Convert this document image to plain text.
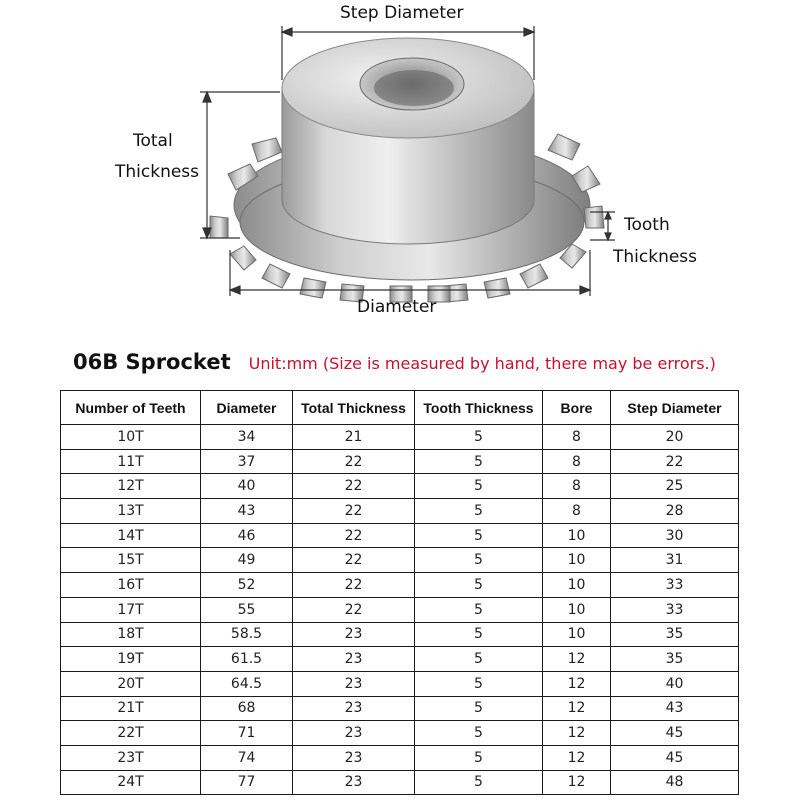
Step Diameter
Total
Thickness
Tooth
Thickness
Diameter
06B Sprocket Unit:mm (Size is measured by hand, there may be errors.)
Number of Teeth	Diameter	Total Thickness	Tooth Thickness	Bore	Step Diameter
10T	34	21	5	8	20
11T	37	22	5	8	22
12T	40	22	5	8	25
13T	43	22	5	8	28
14T	46	22	5	10	30
15T	49	22	5	10	31
16T	52	22	5	10	33
17T	55	22	5	10	33
18T	58.5	23	5	10	35
19T	61.5	23	5	12	35
20T	64.5	23	5	12	40
21T	68	23	5	12	43
22T	71	23	5	12	45
23T	74	23	5	12	45
24T	77	23	5	12	48
